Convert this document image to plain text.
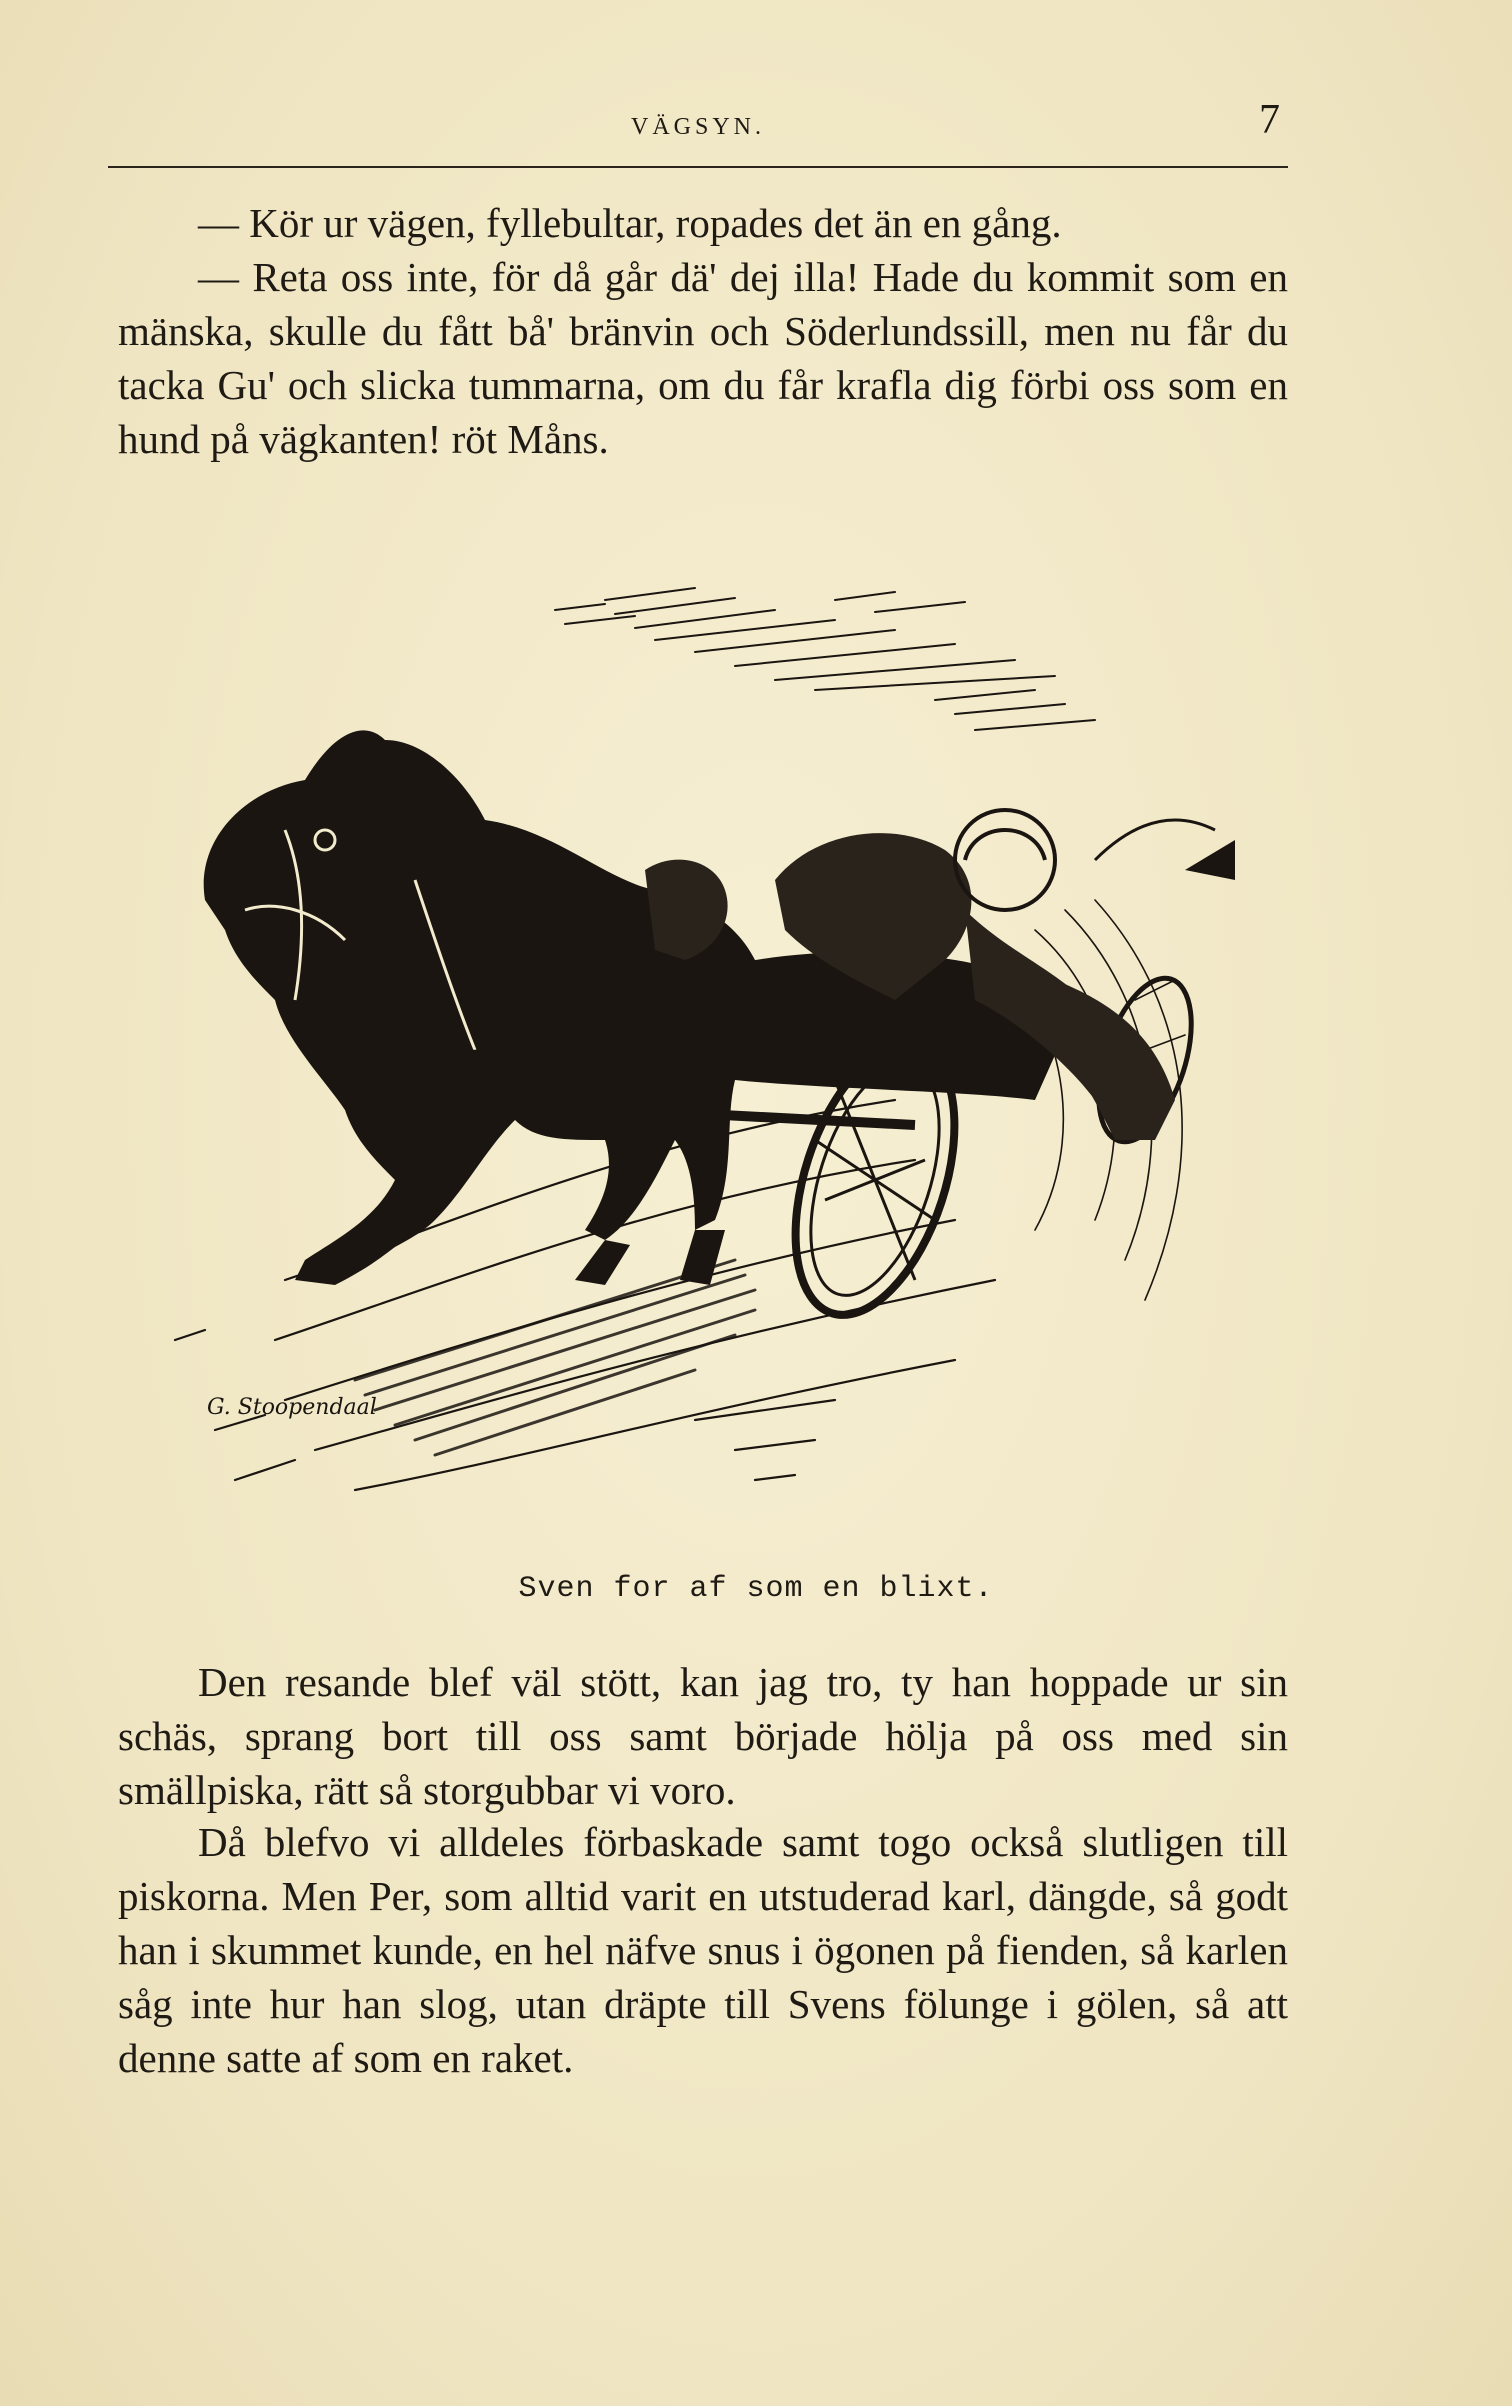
VÄGSYN.	7

— Kör ur vägen, fyllebultar, ropades det än en gång.

— Reta oss inte, för då går dä' dej illa! Hade du kommit som en mänska, skulle du fått bå' bränvin och Söderlundssill, men nu får du tacka Gu' och slicka tummarna, om du får krafla dig förbi oss som en hund på vägkanten! röt Måns.

G. Stoopendaal
Sven for af som en blixt.

Den resande blef väl stött, kan jag tro, ty han hoppade ur sin schäs, sprang bort till oss samt började hölja på oss med sin smällpiska, rätt så storgubbar vi voro.

Då blefvo vi alldeles förbaskade samt togo också slutligen till piskorna. Men Per, som alltid varit en utstuderad karl, dängde, så godt han i skummet kunde, en hel näfve snus i ögonen på fienden, så karlen såg inte hur han slog, utan dräpte till Svens fölunge i gölen, så att denne satte af som en raket.
